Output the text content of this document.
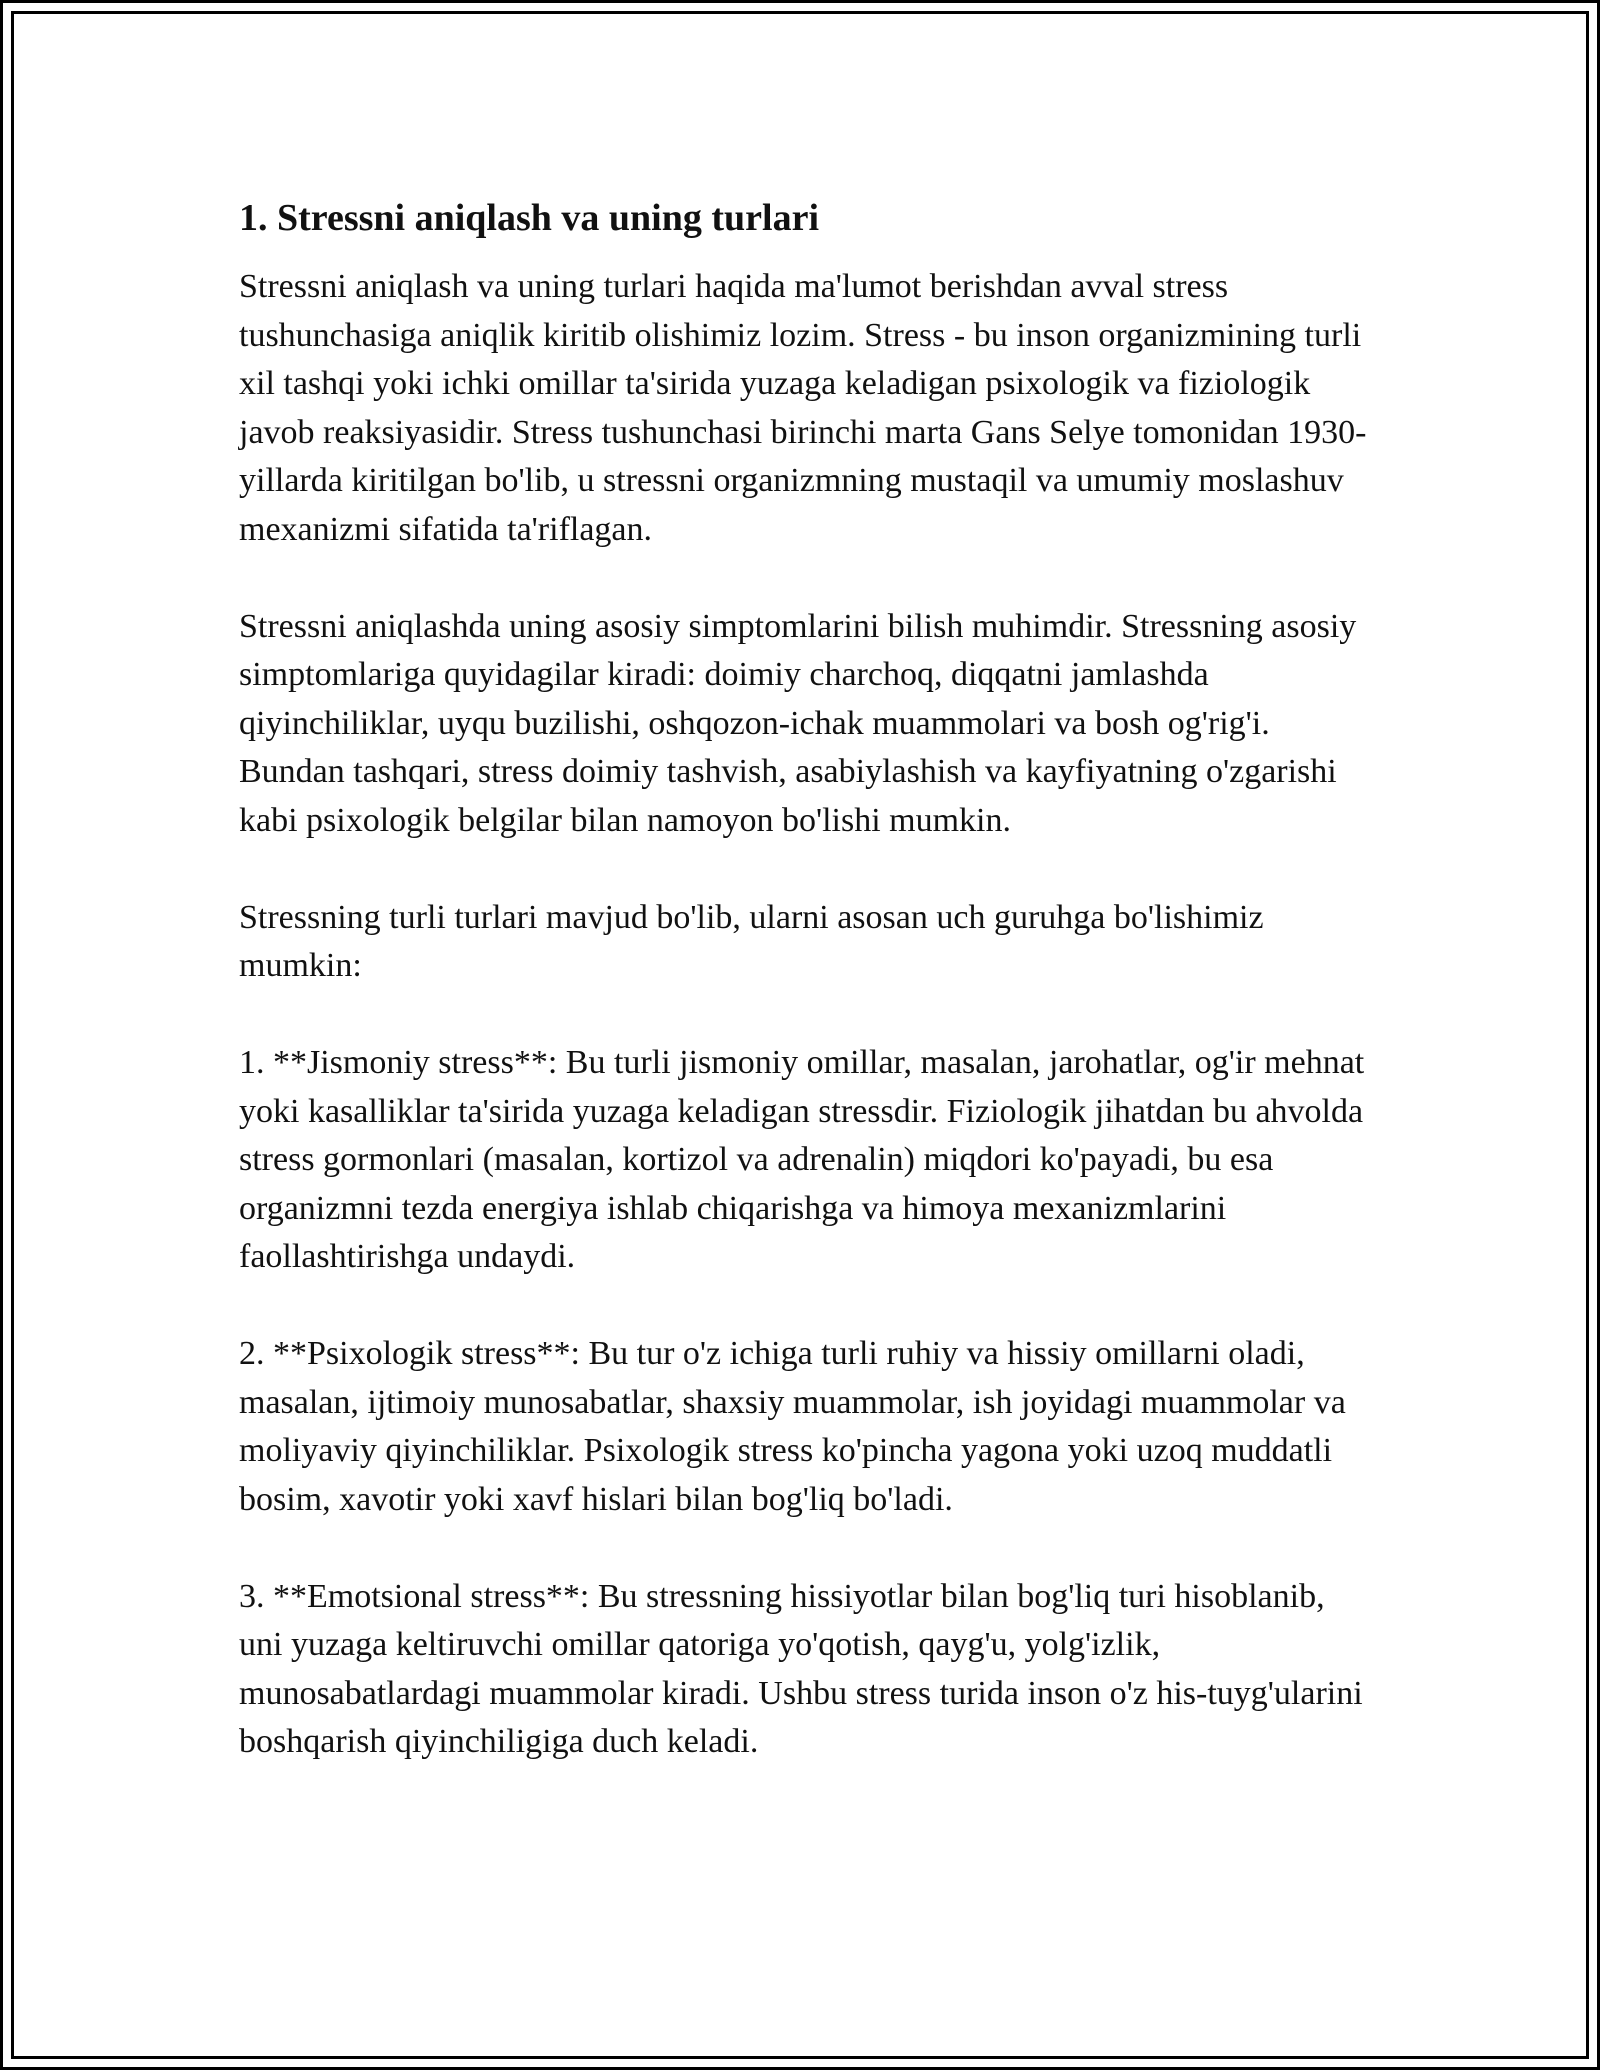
1. Stressni aniqlash va uning turlari

Stressni aniqlash va uning turlari haqida ma'lumot berishdan avval stress tushunchasiga aniqlik kiritib olishimiz lozim. Stress - bu inson organizmining turli xil tashqi yoki ichki omillar ta'sirida yuzaga keladigan psixologik va fiziologik javob reaksiyasidir. Stress tushunchasi birinchi marta Gans Selye tomonidan 1930-yillarda kiritilgan bo'lib, u stressni organizmning mustaqil va umumiy moslashuv mexanizmi sifatida ta'riflagan.

Stressni aniqlashda uning asosiy simptomlarini bilish muhimdir. Stressning asosiy simptomlariga quyidagilar kiradi: doimiy charchoq, diqqatni jamlashda qiyinchiliklar, uyqu buzilishi, oshqozon-ichak muammolari va bosh og'rig'i. Bundan tashqari, stress doimiy tashvish, asabiylashish va kayfiyatning o'zgarishi kabi psixologik belgilar bilan namoyon bo'lishi mumkin.

Stressning turli turlari mavjud bo'lib, ularni asosan uch guruhga bo'lishimiz mumkin:

1. **Jismoniy stress**: Bu turli jismoniy omillar, masalan, jarohatlar, og'ir mehnat yoki kasalliklar ta'sirida yuzaga keladigan stressdir. Fiziologik jihatdan bu ahvolda stress gormonlari (masalan, kortizol va adrenalin) miqdori ko'payadi, bu esa organizmni tezda energiya ishlab chiqarishga va himoya mexanizmlarini faollashtirishga undaydi.

2. **Psixologik stress**: Bu tur o'z ichiga turli ruhiy va hissiy omillarni oladi, masalan, ijtimoiy munosabatlar, shaxsiy muammolar, ish joyidagi muammolar va moliyaviy qiyinchiliklar. Psixologik stress ko'pincha yagona yoki uzoq muddatli bosim, xavotir yoki xavf hislari bilan bog'liq bo'ladi.

3. **Emotsional stress**: Bu stressning hissiyotlar bilan bog'liq turi hisoblanib, uni yuzaga keltiruvchi omillar qatoriga yo'qotish, qayg'u, yolg'izlik, munosabatlardagi muammolar kiradi. Ushbu stress turida inson o'z his-tuyg'ularini boshqarish qiyinchiligiga duch keladi.
